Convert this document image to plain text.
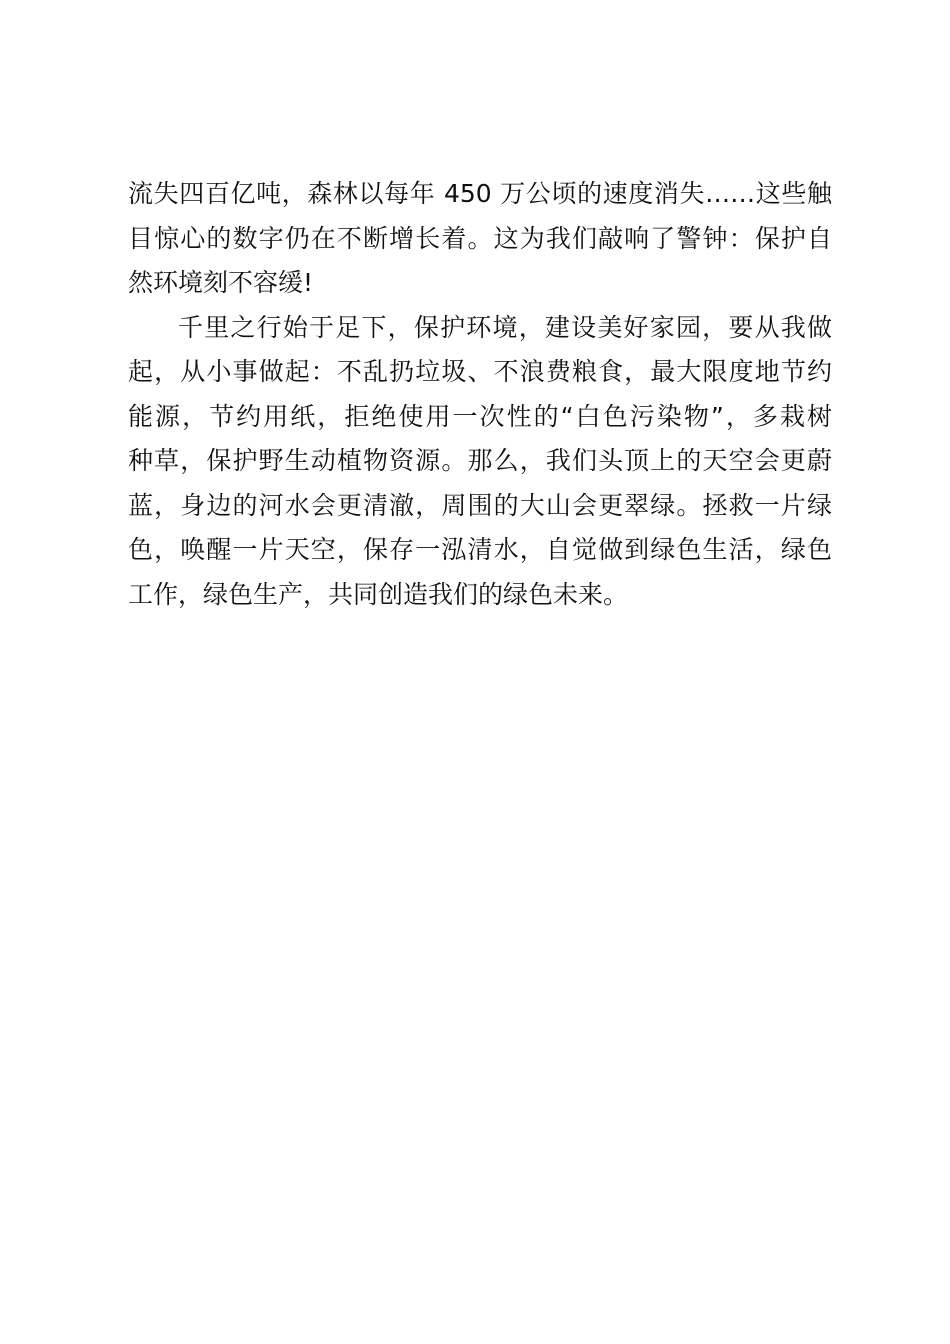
流失四百亿吨，森林以每年 450 万公顷的速度消失……这些触
目惊心的数字仍在不断增长着。这为我们敲响了警钟：保护自
然环境刻不容缓!
千里之行始于足下，保护环境，建设美好家园，要从我做
起，从小事做起：不乱扔垃圾、不浪费粮食，最大限度地节约
能源，节约用纸，拒绝使用一次性的“白色污染物”，多栽树
种草，保护野生动植物资源。那么，我们头顶上的天空会更蔚
蓝，身边的河水会更清澈，周围的大山会更翠绿。拯救一片绿
色，唤醒一片天空，保存一泓清水，自觉做到绿色生活，绿色
工作，绿色生产，共同创造我们的绿色未来。
